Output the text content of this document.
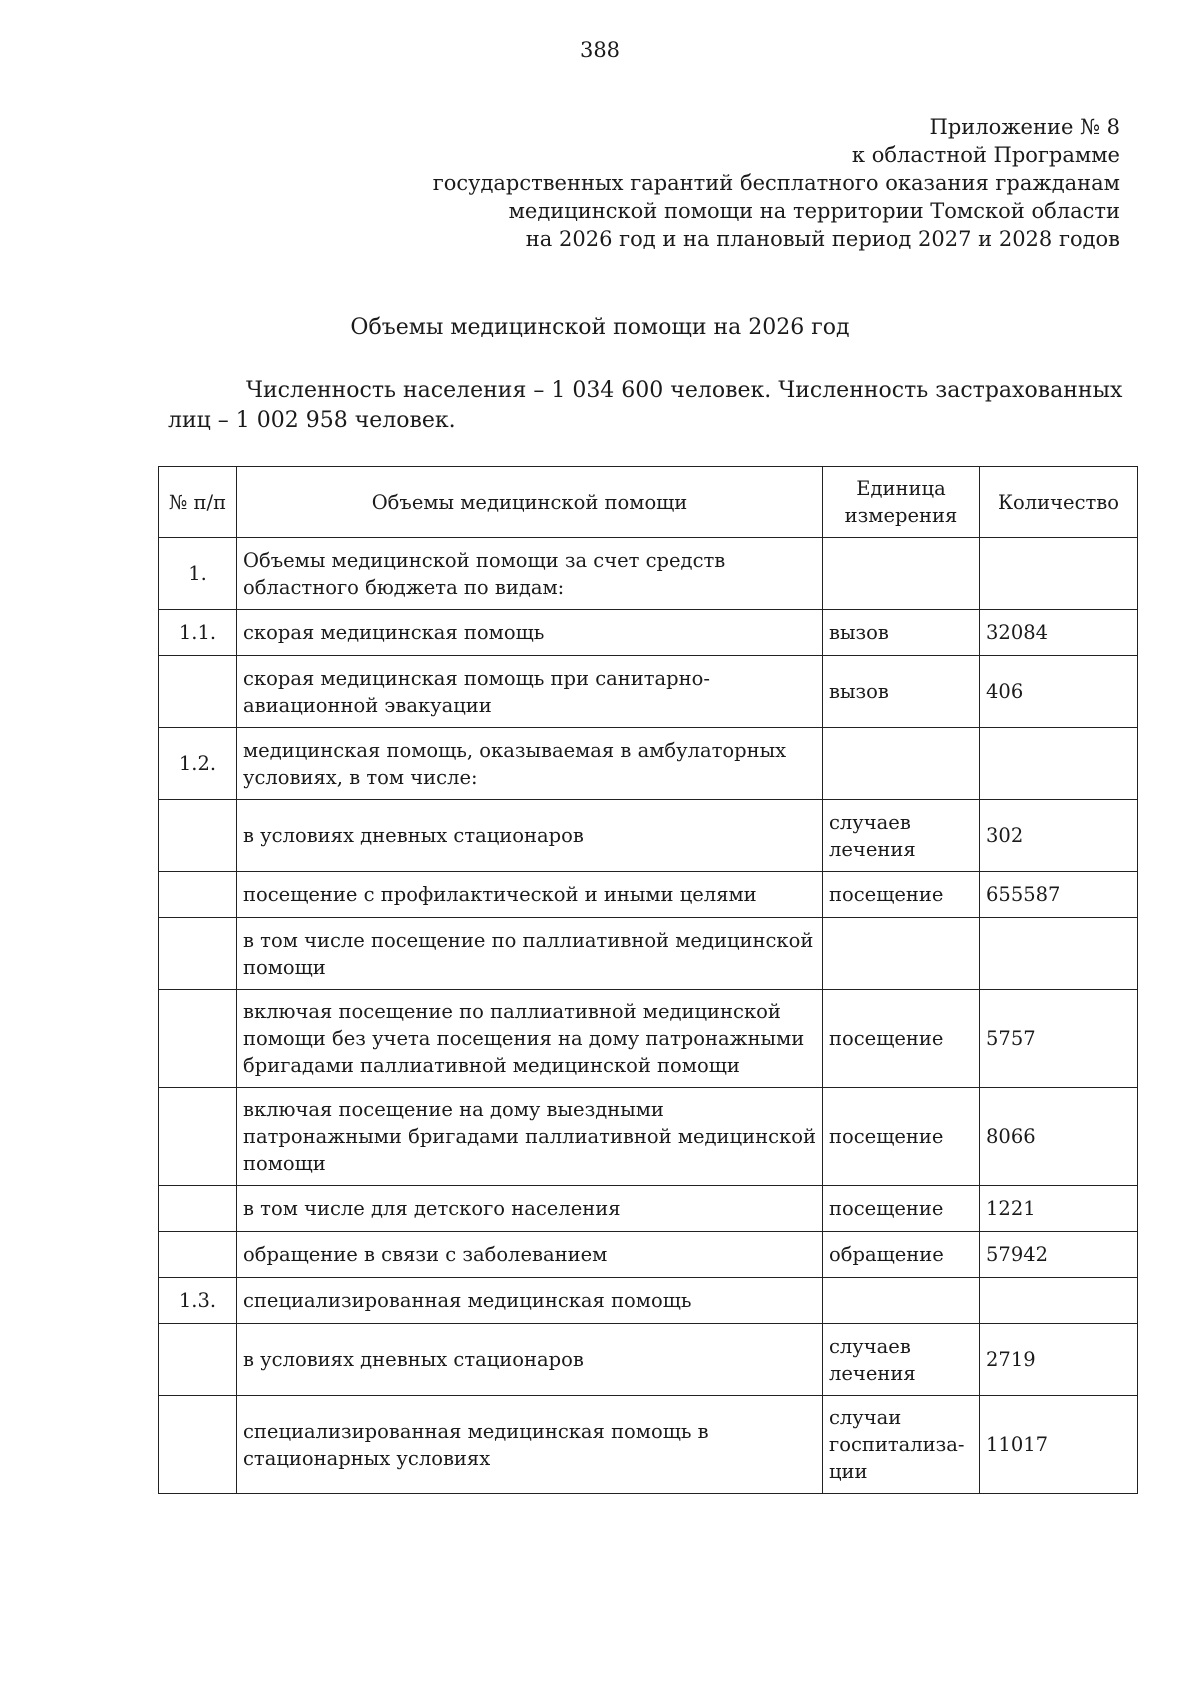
388
Приложение № 8
к областной Программе
государственных гарантий бесплатного оказания гражданам
медицинской помощи на территории Томской области
на 2026 год и на плановый период 2027 и 2028 годов
Объемы медицинской помощи на 2026 год
Численность населения – 1 034 600 человек. Численность застрахованных
лиц – 1 002 958 человек.
№ п/п	Объемы медицинской помощи	Единица измерения	Количество
1.	Объемы медицинской помощи за счет средств областного бюджета по видам:		
1.1.	скорая медицинская помощь	вызов	32084
	скорая медицинская помощь при санитарно-авиационной эвакуации	вызов	406
1.2.	медицинская помощь, оказываемая в амбулаторных условиях, в том числе:		
	в условиях дневных стационаров	случаев лечения	302
	посещение с профилактической и иными целями	посещение	655587
	в том числе посещение по паллиативной медицинской помощи		
	включая посещение по паллиативной медицинской помощи без учета посещения на дому патронажными бригадами паллиативной медицинской помощи	посещение	5757
	включая посещение на дому выездными патронажными бригадами паллиативной медицинской помощи	посещение	8066
	в том числе для детского населения	посещение	1221
	обращение в связи с заболеванием	обращение	57942
1.3.	специализированная медицинская помощь		
	в условиях дневных стационаров	случаев лечения	2719
	специализированная медицинская помощь в стационарных условиях	случаи госпитализа-ции	11017
